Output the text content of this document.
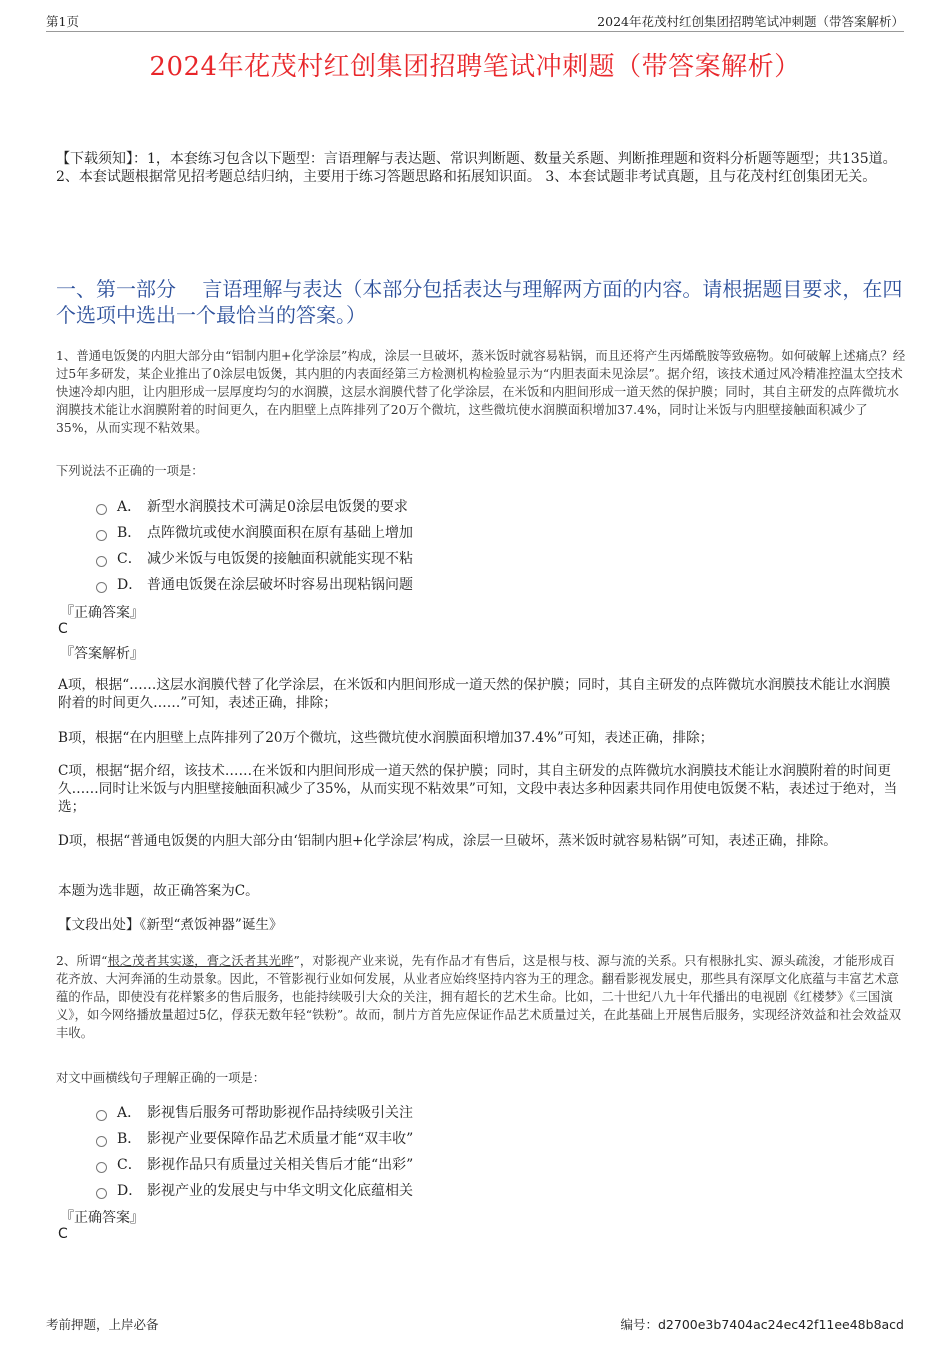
第1页	2024年花茂村红创集团招聘笔试冲刺题（带答案解析）
2024年花茂村红创集团招聘笔试冲刺题（带答案解析）
【下载须知】：1，本套练习包含以下题型：言语理解与表达题、常识判断题、数量关系题、判断推理题和资料分析题等题型；共135道。 2、本套试题根据常见招考题总结归纳，主要用于练习答题思路和拓展知识面。 3、本套试题非考试真题，且与花茂村红创集团无关。
一、第一部分　 言语理解与表达（本部分包括表达与理解两方面的内容。请根据题目要求，在四个选项中选出一个最恰当的答案。）
1、普通电饭煲的内胆大部分由“铝制内胆+化学涂层”构成，涂层一旦破坏，蒸米饭时就容易粘锅，而且还将产生丙烯酰胺等致癌物。如何破解上述痛点？经过5年多研发，某企业推出了0涂层电饭煲，其内胆的内表面经第三方检测机构检验显示为“内胆表面未见涂层”。据介绍，该技术通过风冷精准控温太空技术快速冷却内胆，让内胆形成一层厚度均匀的水润膜，这层水润膜代替了化学涂层，在米饭和内胆间形成一道天然的保护膜；同时，其自主研发的点阵微坑水润膜技术能让水润膜附着的时间更久，在内胆壁上点阵排列了20万个微坑，这些微坑使水润膜面积增加37.4%，同时让米饭与内胆壁接触面积减少了35%，从而实现不粘效果。
下列说法不正确的一项是：
A． 新型水润膜技术可满足0涂层电饭煲的要求
B． 点阵微坑或使水润膜面积在原有基础上增加
C． 减少米饭与电饭煲的接触面积就能实现不粘
D． 普通电饭煲在涂层破坏时容易出现粘锅问题
『正确答案』
C
『答案解析』
A项，根据“……这层水润膜代替了化学涂层，在米饭和内胆间形成一道天然的保护膜；同时，其自主研发的点阵微坑水润膜技术能让水润膜附着的时间更久……”可知，表述正确，排除；
B项，根据“在内胆壁上点阵排列了20万个微坑，这些微坑使水润膜面积增加37.4%”可知，表述正确，排除；
C项，根据“据介绍，该技术……在米饭和内胆间形成一道天然的保护膜；同时，其自主研发的点阵微坑水润膜技术能让水润膜附着的时间更久……同时让米饭与内胆壁接触面积减少了35%，从而实现不粘效果”可知，文段中表达多种因素共同作用使电饭煲不粘，表述过于绝对，当选；
D项，根据“普通电饭煲的内胆大部分由‘铝制内胆+化学涂层’构成，涂层一旦破坏，蒸米饭时就容易粘锅”可知，表述正确，排除。
本题为选非题，故正确答案为C。
【文段出处】《新型“煮饭神器”诞生》
2、所谓“根之茂者其实遂，膏之沃者其光晔”，对影视产业来说，先有作品才有售后，这是根与枝、源与流的关系。只有根脉扎实、源头疏浚，才能形成百花齐放、大河奔涌的生动景象。因此，不管影视行业如何发展，从业者应始终坚持内容为王的理念。翻看影视发展史，那些具有深厚文化底蕴与丰富艺术意蕴的作品，即使没有花样繁多的售后服务，也能持续吸引大众的关注，拥有超长的艺术生命。比如，二十世纪八九十年代播出的电视剧《红楼梦》《三国演义》，如今网络播放量超过5亿，俘获无数年轻“铁粉”。故而，制片方首先应保证作品艺术质量过关，在此基础上开展售后服务，实现经济效益和社会效益双丰收。
对文中画横线句子理解正确的一项是：
A． 影视售后服务可帮助影视作品持续吸引关注
B． 影视产业要保障作品艺术质量才能“双丰收”
C． 影视作品只有质量过关相关售后才能“出彩”
D． 影视产业的发展史与中华文明文化底蕴相关
『正确答案』
C
考前押题，上岸必备	编号：d2700e3b7404ac24ec42f11ee48b8acd
